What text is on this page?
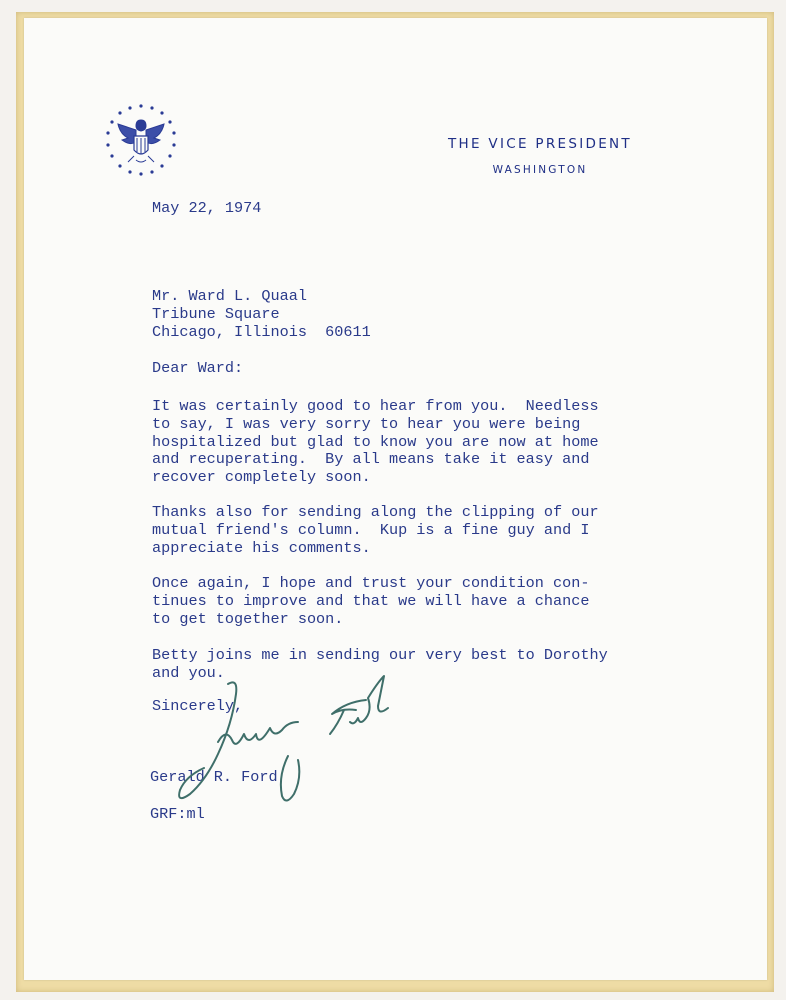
THE VICE PRESIDENT
WASHINGTON

May 22, 1974

Mr. Ward L. Quaal
Tribune Square
Chicago, Illinois  60611

Dear Ward:

It was certainly good to hear from you.  Needless
to say, I was very sorry to hear you were being
hospitalized but glad to know you are now at home
and recuperating.  By all means take it easy and
recover completely soon.

Thanks also for sending along the clipping of our
mutual friend's column.  Kup is a fine guy and I
appreciate his comments.

Once again, I hope and trust your condition con-
tinues to improve and that we will have a chance
to get together soon.

Betty joins me in sending our very best to Dorothy
and you.

Sincerely,

Gerald R. Ford

GRF:ml
